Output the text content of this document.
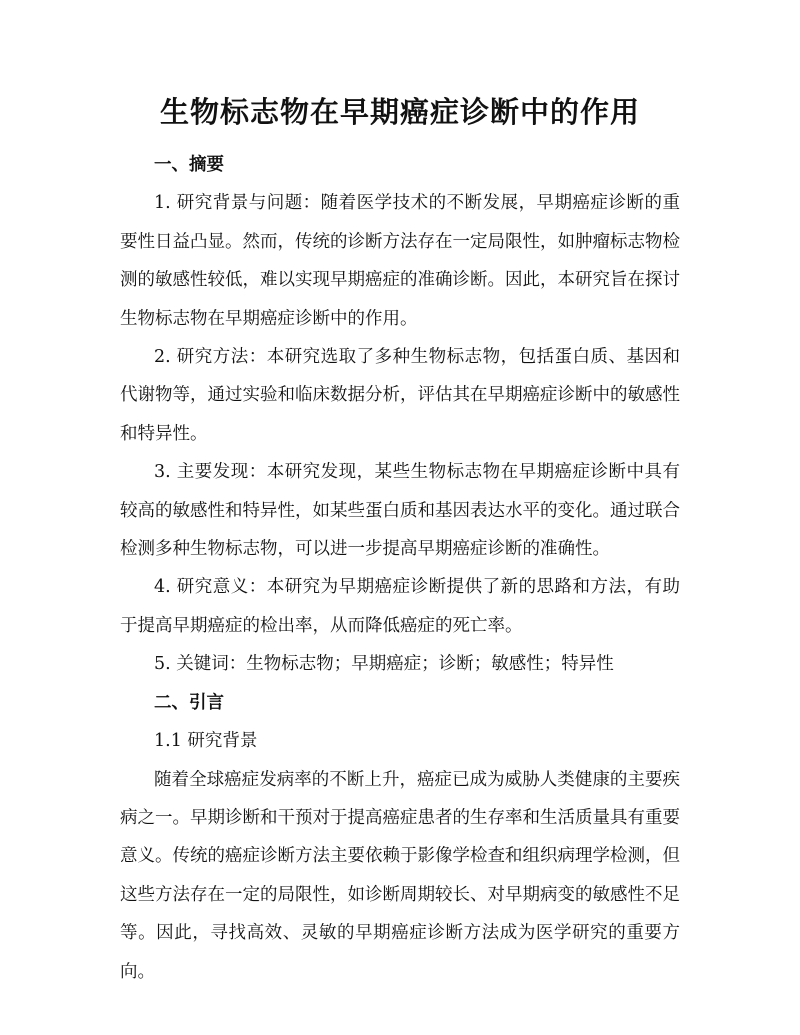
生物标志物在早期癌症诊断中的作用

一、摘要

1. 研究背景与问题：随着医学技术的不断发展，早期癌症诊断的重要性日益凸显。然而，传统的诊断方法存在一定局限性，如肿瘤标志物检测的敏感性较低，难以实现早期癌症的准确诊断。因此，本研究旨在探讨生物标志物在早期癌症诊断中的作用。

2. 研究方法：本研究选取了多种生物标志物，包括蛋白质、基因和代谢物等，通过实验和临床数据分析，评估其在早期癌症诊断中的敏感性和特异性。

3. 主要发现：本研究发现，某些生物标志物在早期癌症诊断中具有较高的敏感性和特异性，如某些蛋白质和基因表达水平的变化。通过联合检测多种生物标志物，可以进一步提高早期癌症诊断的准确性。

4. 研究意义：本研究为早期癌症诊断提供了新的思路和方法，有助于提高早期癌症的检出率，从而降低癌症的死亡率。

5. 关键词：生物标志物；早期癌症；诊断；敏感性；特异性

二、引言

1.1 研究背景

随着全球癌症发病率的不断上升，癌症已成为威胁人类健康的主要疾病之一。早期诊断和干预对于提高癌症患者的生存率和生活质量具有重要意义。传统的癌症诊断方法主要依赖于影像学检查和组织病理学检测，但这些方法存在一定的局限性，如诊断周期较长、对早期病变的敏感性不足等。因此，寻找高效、灵敏的早期癌症诊断方法成为医学研究的重要方向。
